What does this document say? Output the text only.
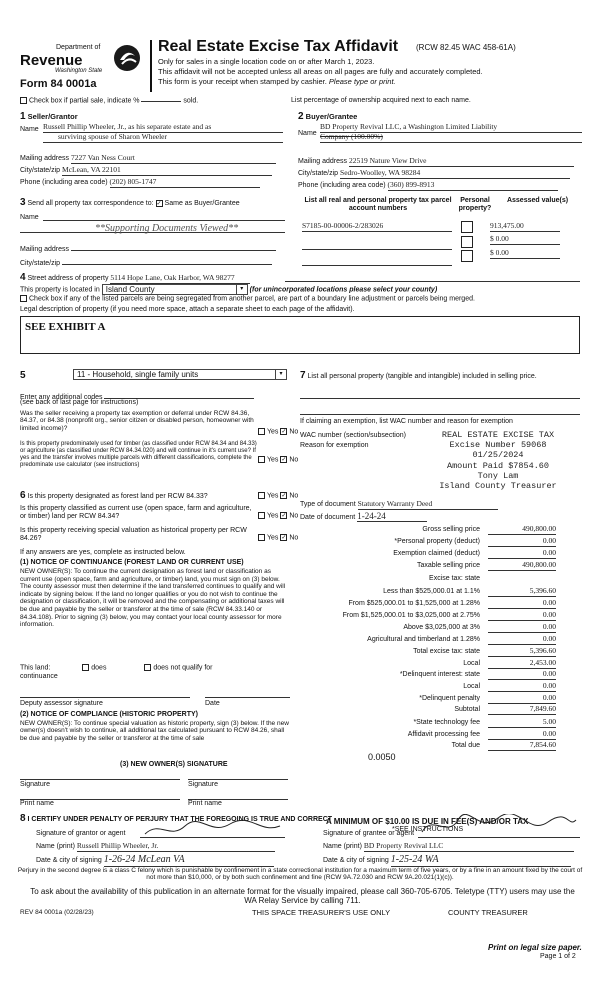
Department of
Revenue
Washington State
Form 84 0001a
Real Estate Excise Tax Affidavit (RCW 82.45 WAC 458-61A)
Only for sales in a single location code on or after March 1, 2023.
This affidavit will not be accepted unless all areas on all pages are fully and accurately completed.
This form is your receipt when stamped by cashier. Please type or print.
Check box if partial sale, indicate %	sold.	List percentage of ownership acquired next to each name.
1 Seller/Grantor
Name Russell Phillip Wheeler, Jr., as his separate estate and as
surviving spouse of Sharon Wheeler
Mailing address 7227 Van Ness Court
City/state/zip McLean, VA 22101
Phone (including area code) (202) 805-1747
2 Buyer/Grantee
Name
BD Property Revival LLC, a Washington Limited Liability
Company (100.00%)
Mailing address 22519 Nature View Drive
City/state/zip Sedro-Woolley, WA 98284
Phone (including area code) (360) 899-8913
3 Send all property tax correspondence to: ✓ Same as Buyer/Grantee
Name
**Supporting Documents Viewed**
Mailing address
City/state/zip
List all real and personal property tax parcel account numbers
Personal property?
Assessed value(s)
S7185-00-00006-2/283026	913,475.00
$ 0.00
$ 0.00
4 Street address of property 5114 Hope Lane, Oak Harbor, WA 98277
This property is located in Island County	▾ (for unincorporated locations please select your county)
Check box if any of the listed parcels are being segregated from another parcel, are part of a boundary line adjustment or parcels being merged.
Legal description of property (if you need more space, attach a separate sheet to each page of the affidavit).
SEE EXHIBIT A
5	11 - Household, single family units	▾
Enter any additional codes
(see back of last page for instructions)
Was the seller receiving a property tax exemption or deferral under RCW 84.36, 84.37, or 84.38 (nonprofit org., senior citizen or disabled person, homeowner with limited income)?	Yes ✓ No
Is this property predominately used for timber (as classified under RCW 84.34 and 84.33) or agriculture (as classified under RCW 84.34.020) and will continue in it's current use? If yes and the transfer involves multiple parcels with different classifications, complete the predominate use calculator (see instructions)
Yes ✓ No
6 Is this property designated as forest land per RCW 84.33?	Yes ✓ No
Is this property classified as current use (open space, farm and agriculture, or timber) land per RCW 84.34?	Yes ✓ No
Is this property receiving special valuation as historical property per RCW 84.26?	Yes ✓ No
If any answers are yes, complete as instructed below.
(1) NOTICE OF CONTINUANCE (FOREST LAND OR CURRENT USE)
NEW OWNER(S): To continue the current designation as forest land or classification as current use (open space, farm and agriculture, or timber) land, you must sign on (3) below. The county assessor must then determine if the land transferred continues to qualify and will indicate by signing below. If the land no longer qualifies or you do not wish to continue the designation or classification, it will be removed and the compensating or additional taxes will be due and payable by the seller or transferor at the time of sale (RCW 84.33.140 or 84.34.108). Prior to signing (3) below, you may contact your local county assessor for more information.
This land:	does	does not qualify for
continuance
Deputy assessor signature	Date
(2) NOTICE OF COMPLIANCE (HISTORIC PROPERTY)
NEW OWNER(S): To continue special valuation as historic property, sign (3) below. If the new owner(s) doesn't wish to continue, all additional tax calculated pursuant to RCW 84.26, shall be due and payable by the seller or transferor at the time of sale
(3) NEW OWNER(S) SIGNATURE
Signature	Signature
Print name	Print name
7 List all personal property (tangible and intangible) included in selling price.
If claiming an exemption, list WAC number and reason for exemption
WAC number (section/subsection)
Reason for exemption
REAL ESTATE EXCISE TAX
Excise Number 59068
01/25/2024
Amount Paid $7854.60
Tony Lam
Island County Treasurer
Type of document Statutory Warranty Deed
Date of document 1-24-24
Gross selling price	490,800.00
*Personal property (deduct)	0.00
Exemption claimed (deduct)	0.00
Taxable selling price	490,800.00
Excise tax: state
Less than $525,000.01 at 1.1%	5,396.60
From $525,000.01 to $1,525,000 at 1.28%	0.00
From $1,525,000.01 to $3,025,000 at 2.75%	0.00
Above $3,025,000 at 3%	0.00
Agricultural and timberland at 1.28%	0.00
Total excise tax: state	5,396.60
Local	2,453.00
*Delinquent interest: state	0.00
Local	0.00
*Delinquent penalty	0.00
Subtotal	7,849.60
*State technology fee	5.00
Affidavit processing fee	0.00
Total due	7,854.60
0.0050
A MINIMUM OF $10.00 IS DUE IN FEE(S) AND/OR TAX
*SEE INSTRUCTIONS
8 I CERTIFY UNDER PENALTY OF PERJURY THAT THE FOREGOING IS TRUE AND CORRECT
Signature of grantor or agent	Signature of grantee or agent
Name (print) Russell Phillip Wheeler, Jr.	Name (print) BD Property Revival LLC
Date & city of signing 1-26-24 McLean VA	Date & city of signing 1-25-24 WA
Perjury in the second degree is a class C felony which is punishable by confinement in a state correctional institution for a maximum term of five years, or by a fine in an amount fixed by the court of not more than $10,000, or by both such confinement and fine (RCW 9A.72.030 and RCW 9A.20.021(1)(c)).
To ask about the availability of this publication in an alternate format for the visually impaired, please call 360-705-6705. Teletype (TTY) users may use the WA Relay Service by calling 711.
REV 84 0001a (02/28/23)	THIS SPACE TREASURER'S USE ONLY	COUNTY TREASURER
Print on legal size paper.
Page 1 of 2
